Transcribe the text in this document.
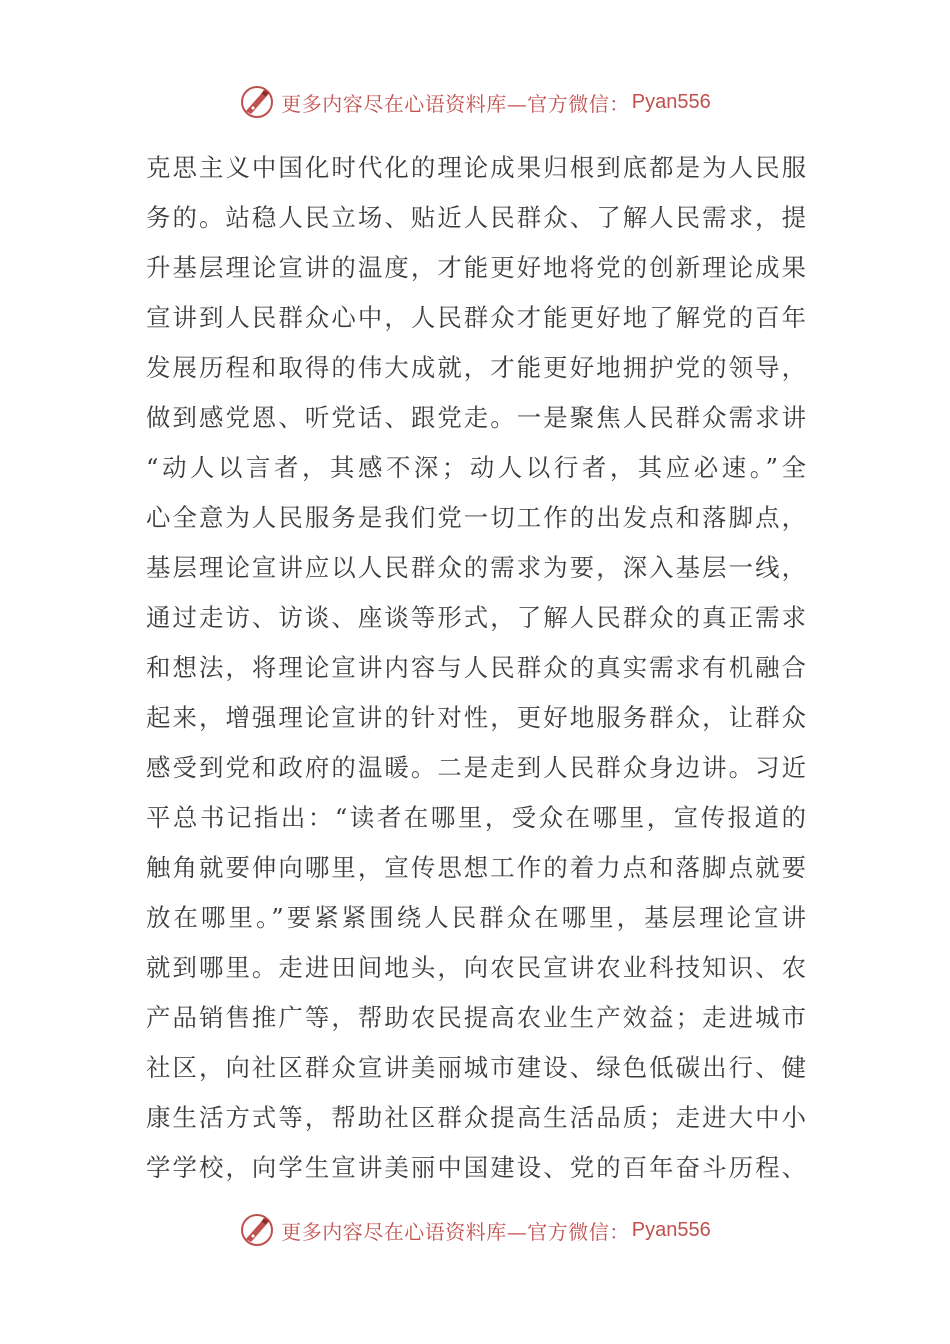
更多内容尽在心语资料库—官方微信： Pyan556
克思主义中国化时代化的理论成果归根到底都是为人民服
务的。站稳人民立场、贴近人民群众、了解人民需求，提
升基层理论宣讲的温度，才能更好地将党的创新理论成果
宣讲到人民群众心中，人民群众才能更好地了解党的百年
发展历程和取得的伟大成就，才能更好地拥护党的领导，
做到感党恩、听党话、跟党走。一是聚焦人民群众需求讲
“动人以言者，其感不深；动人以行者，其应必速。”全
心全意为人民服务是我们党一切工作的出发点和落脚点，
基层理论宣讲应以人民群众的需求为要，深入基层一线，
通过走访、访谈、座谈等形式，了解人民群众的真正需求
和想法，将理论宣讲内容与人民群众的真实需求有机融合
起来，增强理论宣讲的针对性，更好地服务群众，让群众
感受到党和政府的温暖。二是走到人民群众身边讲。习近
平总书记指出：“读者在哪里，受众在哪里，宣传报道的
触角就要伸向哪里，宣传思想工作的着力点和落脚点就要
放在哪里。”要紧紧围绕人民群众在哪里，基层理论宣讲
就到哪里。走进田间地头，向农民宣讲农业科技知识、农
产品销售推广等，帮助农民提高农业生产效益；走进城市
社区，向社区群众宣讲美丽城市建设、绿色低碳出行、健
康生活方式等，帮助社区群众提高生活品质；走进大中小
学学校，向学生宣讲美丽中国建设、党的百年奋斗历程、
更多内容尽在心语资料库—官方微信： Pyan556
